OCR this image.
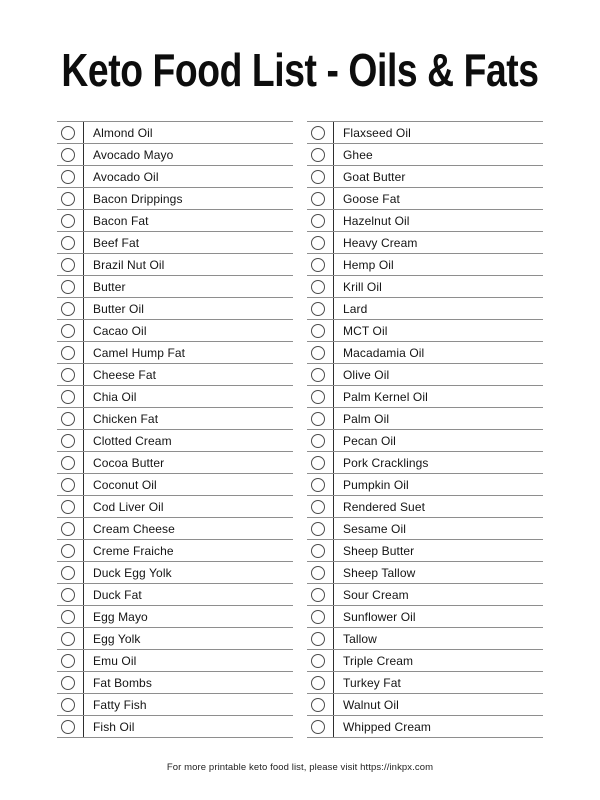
Keto Food List - Oils & Fats
Almond Oil
Avocado Mayo
Avocado Oil
Bacon Drippings
Bacon Fat
Beef Fat
Brazil Nut Oil
Butter
Butter Oil
Cacao Oil
Camel Hump Fat
Cheese Fat
Chia Oil
Chicken Fat
Clotted Cream
Cocoa Butter
Coconut Oil
Cod Liver Oil
Cream Cheese
Creme Fraiche
Duck Egg Yolk
Duck Fat
Egg Mayo
Egg Yolk
Emu Oil
Fat Bombs
Fatty Fish
Fish Oil
Flaxseed Oil
Ghee
Goat Butter
Goose Fat
Hazelnut Oil
Heavy Cream
Hemp Oil
Krill Oil
Lard
MCT Oil
Macadamia Oil
Olive Oil
Palm Kernel Oil
Palm Oil
Pecan Oil
Pork Cracklings
Pumpkin Oil
Rendered Suet
Sesame Oil
Sheep Butter
Sheep Tallow
Sour Cream
Sunflower Oil
Tallow
Triple Cream
Turkey Fat
Walnut Oil
Whipped Cream
For more printable keto food list, please visit https://inkpx.com
